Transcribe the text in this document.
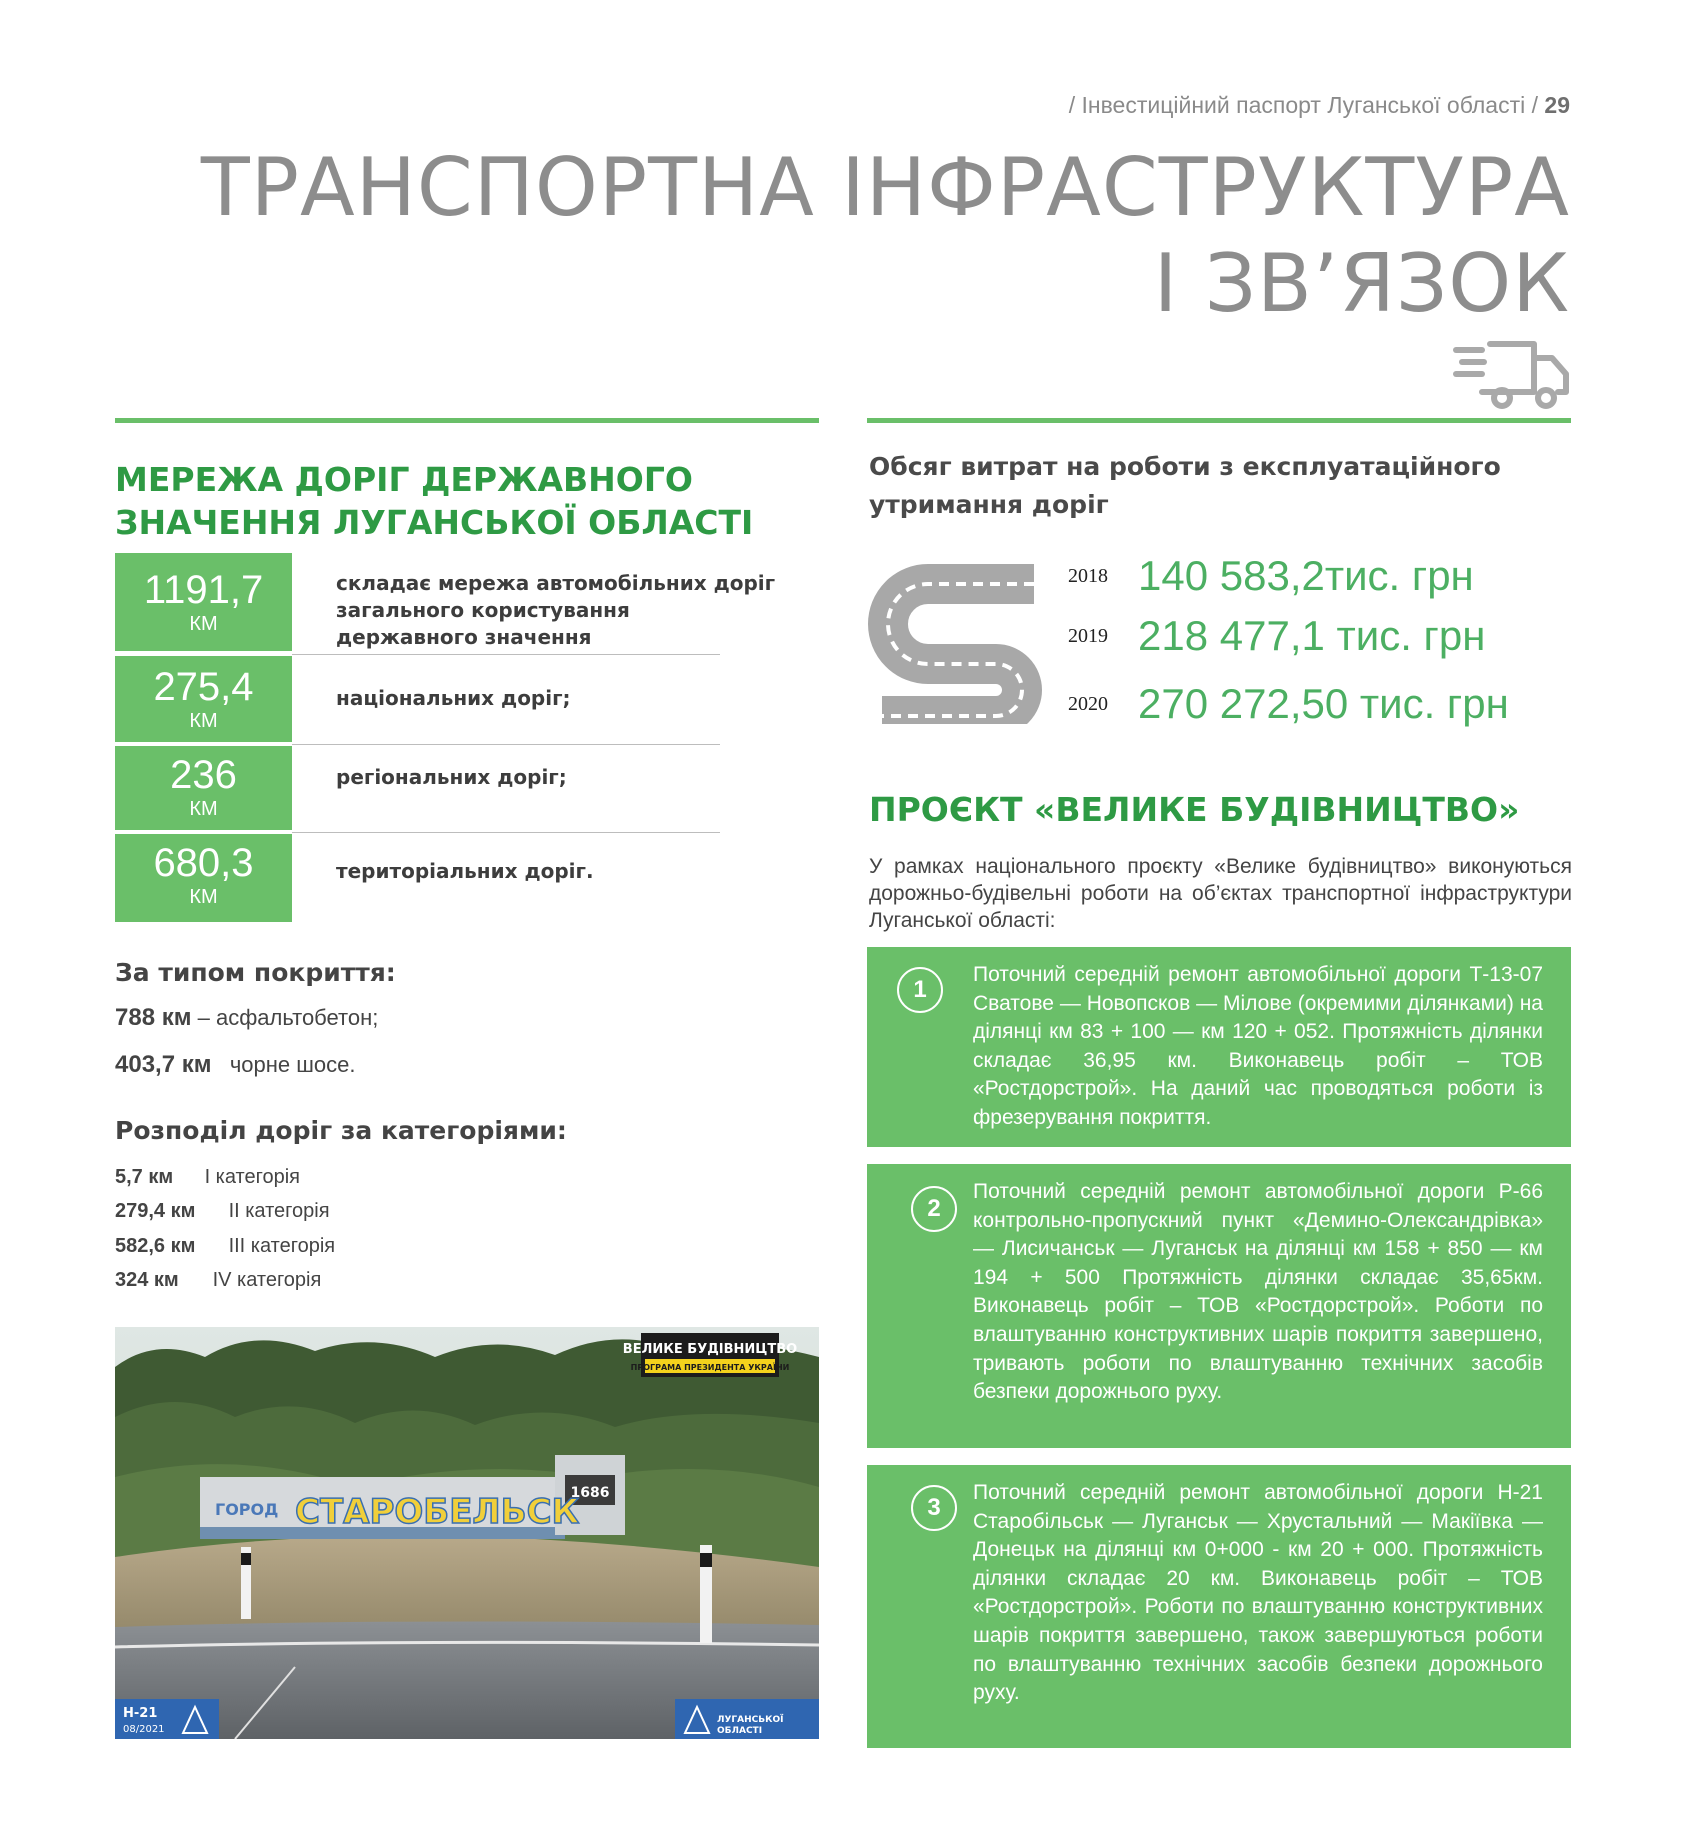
/ Інвестиційний паспорт Луганської області / 29
ТРАНСПОРТНА ІНФРАСТРУКТУРА
І ЗВ’ЯЗОК
МЕРЕЖА ДОРІГ ДЕРЖАВНОГО ЗНАЧЕННЯ ЛУГАНСЬКОЇ ОБЛАСТІ
1191,7
КМ
складає мережа автомобільних доріг загального користування державного значення
275,4
КМ
національних доріг;
236
КМ
регіональних доріг;
680,3
КМ
територіальних доріг.
За типом покриття:
788 км – асфальтобетон;
403,7 км чорне шосе.
Розподіл доріг за категоріями:
5,7 км І категорія
279,4 км ІІ категорія
582,6 км ІІІ категорія
324 км ІV категорія
1686
ГОРОД СТАРОБЕЛЬСК
ВЕЛИКЕ БУДІВНИЦТВО
ПРОГРАМА ПРЕЗИДЕНТА УКРАЇНИ
Н-21
08/2021
ЛУГАНСЬКОЇ
ОБЛАСТІ
Обсяг витрат на роботи з експлуатаційного утримання доріг
2018 140 583,2тис. грн
2019 218 477,1 тис. грн
2020 270 272,50 тис. грн
ПРОЄКТ «ВЕЛИКЕ БУДІВНИЦТВО»
У рамках національного проєкту «Велике будівництво» виконуються дорожньо-будівельні роботи на об’єктах транспортної інфраструктури Луганської області:
1

Поточний середній ремонт автомобільної дороги Т-13-07 Сватове — Новопсков — Мілове (окремими ділянками) на ділянці км 83 + 100 — км 120 + 052. Протяжність ділянки складає 36,95 км. Виконавець робіт – ТОВ «Ростдорстрой». На даний час проводяться роботи із фрезерування покриття.

2

Поточний середній ремонт автомобільної дороги Р-66 контрольно-пропускний пункт «Демино-Олександрівка» — Лисичанськ — Луганськ на ділянці км 158 + 850 — км 194 + 500 Протяжність ділянки складає 35,65км. Виконавець робіт – ТОВ «Ростдорстрой». Роботи по влаштуванню конструктивних шарів покриття завершено, тривають роботи по влаштуванню технічних засобів безпеки дорожнього руху.

3

Поточний середній ремонт автомобільної дороги Н-21 Старобільськ — Луганськ — Хрустальний — Макіївка — Донецьк на ділянці км 0+000 - км 20 + 000. Протяжність ділянки складає 20 км. Виконавець робіт – ТОВ «Ростдорстрой». Роботи по влаштуванню конструктивних шарів покриття завершено, також завершуються роботи по влаштуванню технічних засобів безпеки дорожнього руху.
